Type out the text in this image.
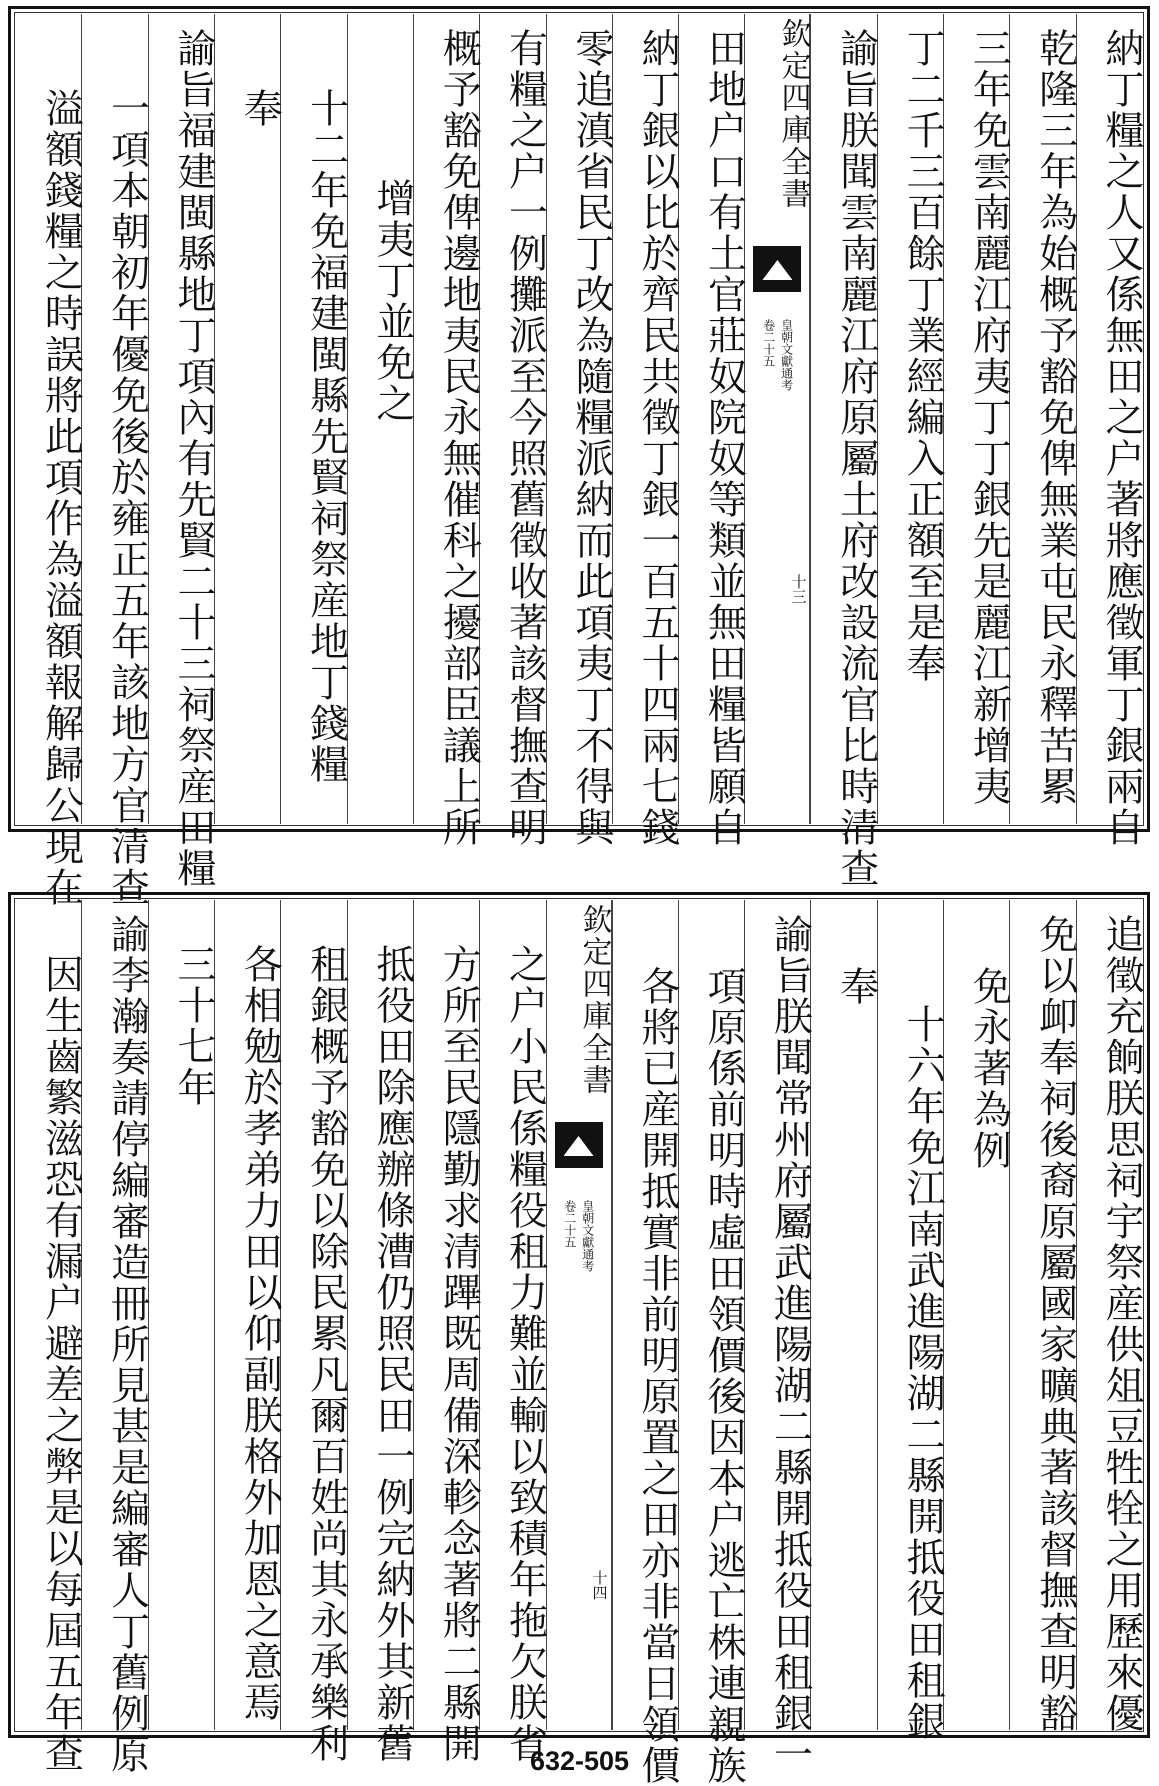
納丁糧之人又係無田之户著將應徵軍丁銀兩自
乾隆三年為始概予豁免俾無業屯民永釋苦累
三年免雲南麗江府夷丁丁銀先是麗江新增夷
丁二千三百餘丁業經編入正額至是奉
諭旨朕聞雲南麗江府原屬土府改設流官比時清查
欽定四庫全書
皇朝文獻通考
卷二十五
十三
田地户口有土官莊奴院奴等類並無田糧皆願自
納丁銀以比於齊民共徵丁銀一百五十四兩七錢
零追滇省民丁改為隨糧派納而此項夷丁不得與
有糧之户一例攤派至今照舊徵收著該督撫查明
概予豁免俾邊地夷民永無催科之擾部臣議上所
增夷丁並免之
十二年免福建閩縣先賢祠祭産地丁錢糧
奉
諭旨福建閩縣地丁項內有先賢二十三祠祭産田糧
一項本朝初年優免後於雍正五年該地方官清查
溢額錢糧之時誤將此項作為溢額報解歸公現在
追徵充餉朕思祠宇祭産供俎豆牲牷之用歷來優
免以卹奉祠後裔原屬國家曠典著該督撫查明豁
免永著為例
十六年免江南武進陽湖二縣開抵役田租銀
奉
諭旨朕聞常州府屬武進陽湖二縣開抵役田租銀一
項原係前明時虛田領價後因本户逃亡株連親族
各將已産開抵實非前明原置之田亦非當日領價
欽定四庫全書
皇朝文獻通考
卷二十五
十四
之户小民係糧役租力難並輸以致積年拖欠朕省
方所至民隱勤求清蹕既周備深軫念著將二縣開
抵役田除應辦條漕仍照民田一例完納外其新舊
租銀概予豁免以除民累凡爾百姓尚其永承樂利
各相勉於孝弟力田以仰副朕格外加恩之意焉
三十七年
諭李瀚奏請停編審造冊所見甚是編審人丁舊例原
因生齒繁滋恐有漏户避差之弊是以每屆五年查	632-505
